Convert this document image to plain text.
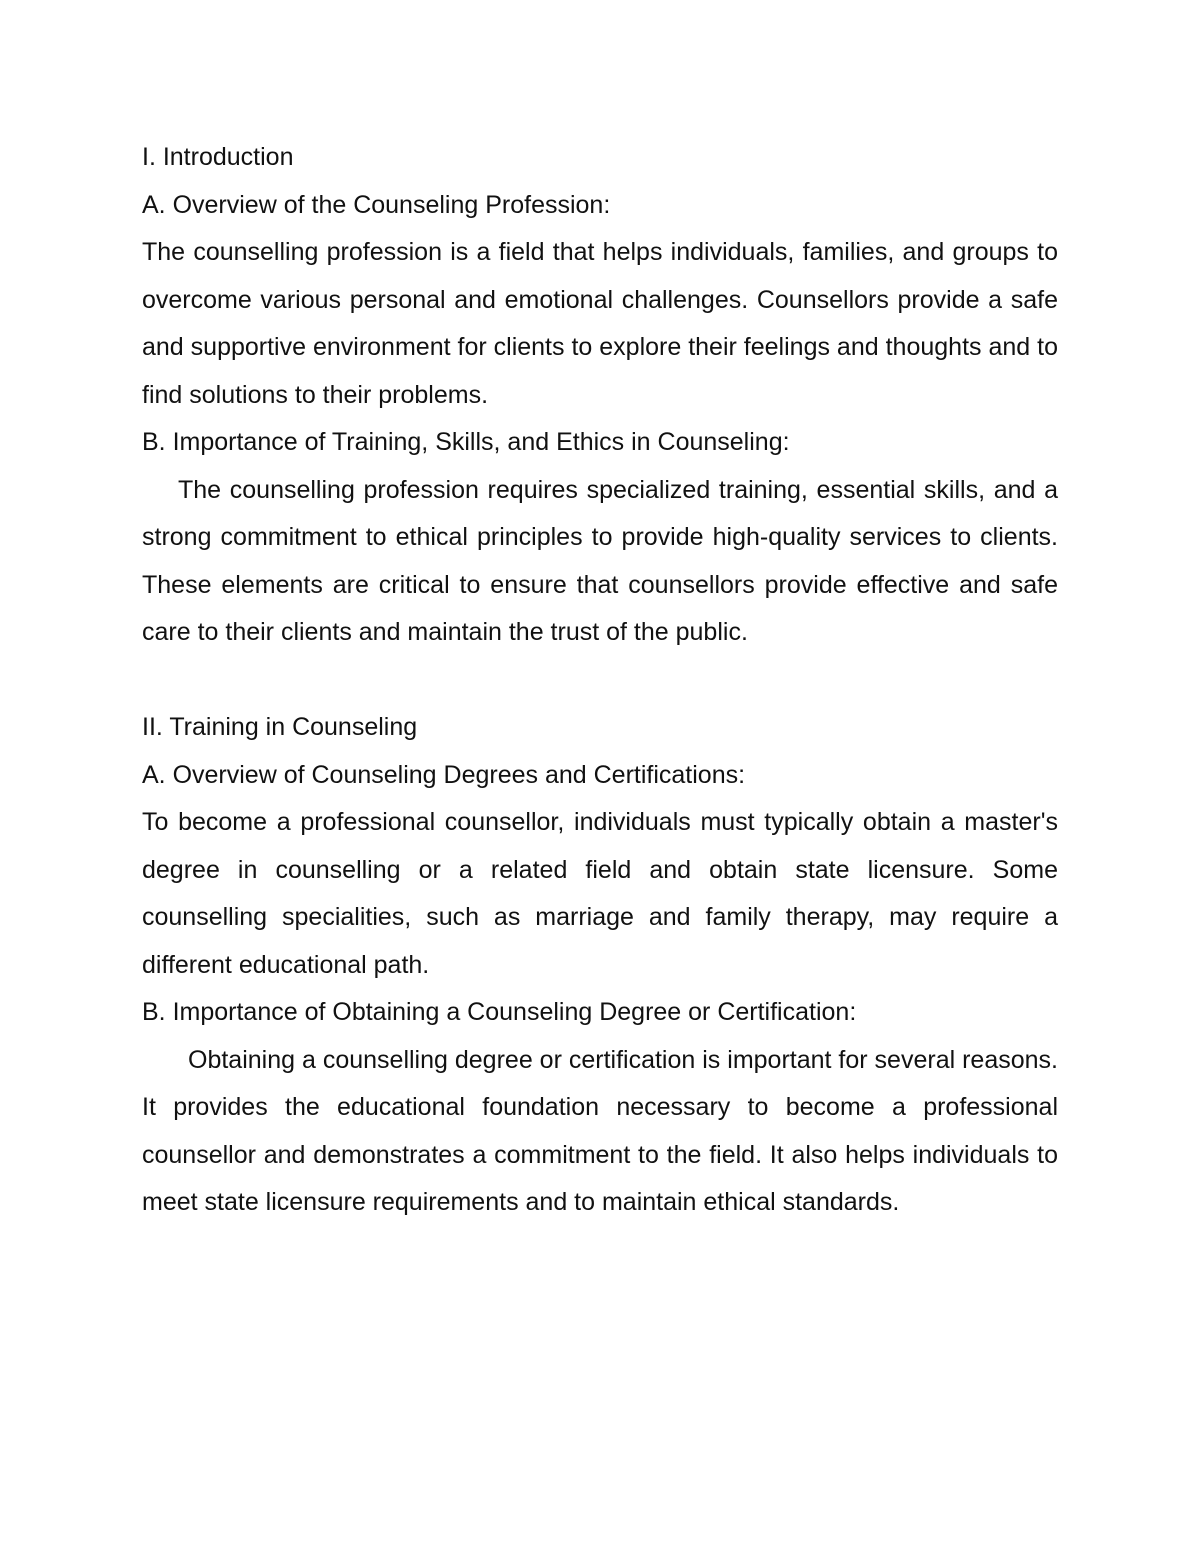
I. Introduction
A. Overview of the Counseling Profession:

The counselling profession is a field that helps individuals, families, and groups to overcome various personal and emotional challenges. Counsellors provide a safe and supportive environment for clients to explore their feelings and thoughts and to find solutions to their problems.

B. Importance of Training, Skills, and Ethics in Counseling:

The counselling profession requires specialized training, essential skills, and a strong commitment to ethical principles to provide high-quality services to clients. These elements are critical to ensure that counsellors provide effective and safe care to their clients and maintain the trust of the public.

II. Training in Counseling
A. Overview of Counseling Degrees and Certifications:

To become a professional counsellor, individuals must typically obtain a master's degree in counselling or a related field and obtain state licensure. Some counselling specialities, such as marriage and family therapy, may require a different educational path.

B. Importance of Obtaining a Counseling Degree or Certification:

Obtaining a counselling degree or certification is important for several reasons. It provides the educational foundation necessary to become a professional counsellor and demonstrates a commitment to the field. It also helps individuals to meet state licensure requirements and to maintain ethical standards.
